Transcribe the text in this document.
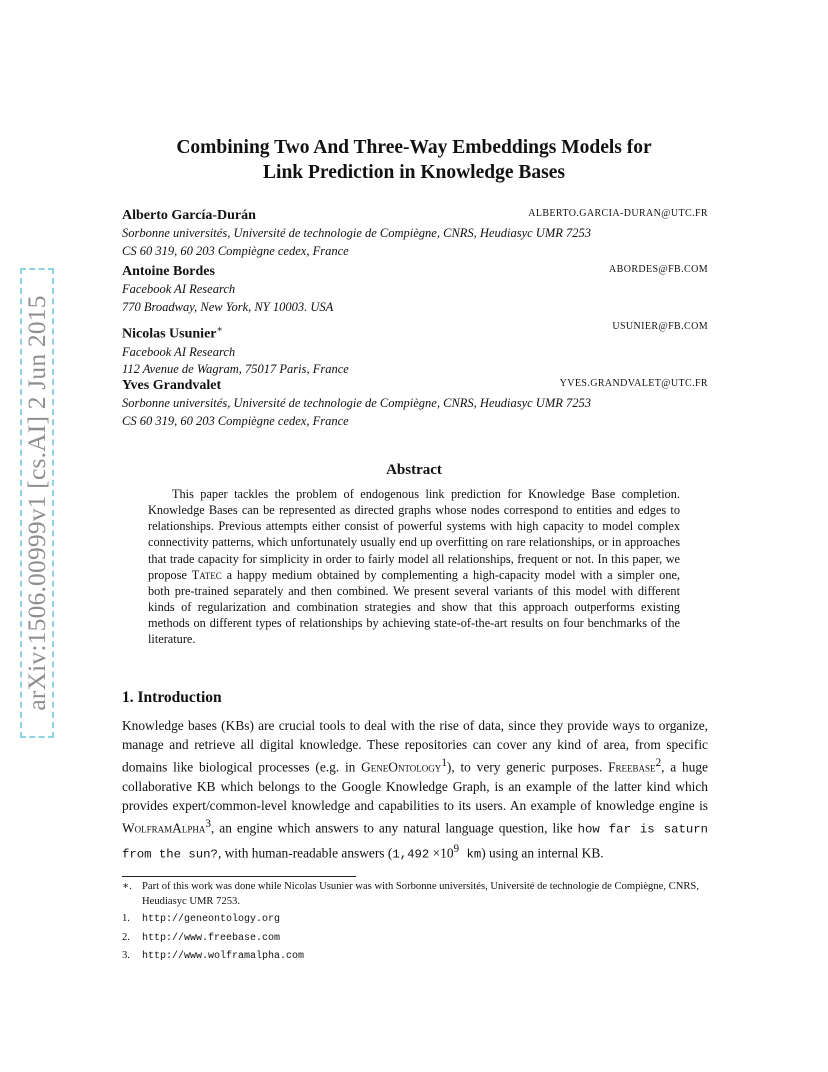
arXiv:1506.00999v1 [cs.AI] 2 Jun 2015
Combining Two And Three-Way Embeddings Models for
Link Prediction in Knowledge Bases
Alberto García-Durán	ALBERTO.GARCIA-DURAN@UTC.FR
Sorbonne universités, Université de technologie de Compiègne, CNRS, Heudiasyc UMR 7253
CS 60 319, 60 203 Compiègne cedex, France
Antoine Bordes	ABORDES@FB.COM
Facebook AI Research
770 Broadway, New York, NY 10003. USA
Nicolas Usunier∗	USUNIER@FB.COM
Facebook AI Research
112 Avenue de Wagram, 75017 Paris, France
Yves Grandvalet	YVES.GRANDVALET@UTC.FR
Sorbonne universités, Université de technologie de Compiègne, CNRS, Heudiasyc UMR 7253
CS 60 319, 60 203 Compiègne cedex, France
Abstract

This paper tackles the problem of endogenous link prediction for Knowledge Base completion. Knowledge Bases can be represented as directed graphs whose nodes correspond to entities and edges to relationships. Previous attempts either consist of powerful systems with high capacity to model complex connectivity patterns, which unfortunately usually end up overfitting on rare relationships, or in approaches that trade capacity for simplicity in order to fairly model all relationships, frequent or not. In this paper, we propose Tatec a happy medium obtained by complementing a high-capacity model with a simpler one, both pre-trained separately and then combined. We present several variants of this model with different kinds of regularization and combination strategies and show that this approach outperforms existing methods on different types of relationships by achieving state-of-the-art results on four benchmarks of the literature.

1. Introduction

Knowledge bases (KBs) are crucial tools to deal with the rise of data, since they provide ways to organize, manage and retrieve all digital knowledge. These repositories can cover any kind of area, from specific domains like biological processes (e.g. in GeneOntology$^1$), to very generic purposes. Freebase$^2$, a huge collaborative KB which belongs to the Google Knowledge Graph, is an example of the latter kind which provides expert/common-level knowledge and capabilities to its users. An example of knowledge engine is WolframAlpha$^3$, an engine which answers to any natural language question, like how far is saturn from the sun?, with human-readable answers ($1,492 \times 10^9$ km) using an internal KB.

∗. Part of this work was done while Nicolas Usunier was with Sorbonne universités, Université de technologie de Compiègne, CNRS, Heudiasyc UMR 7253.
1.	http://geneontology.org
2.	http://www.freebase.com
3.	http://www.wolframalpha.com
